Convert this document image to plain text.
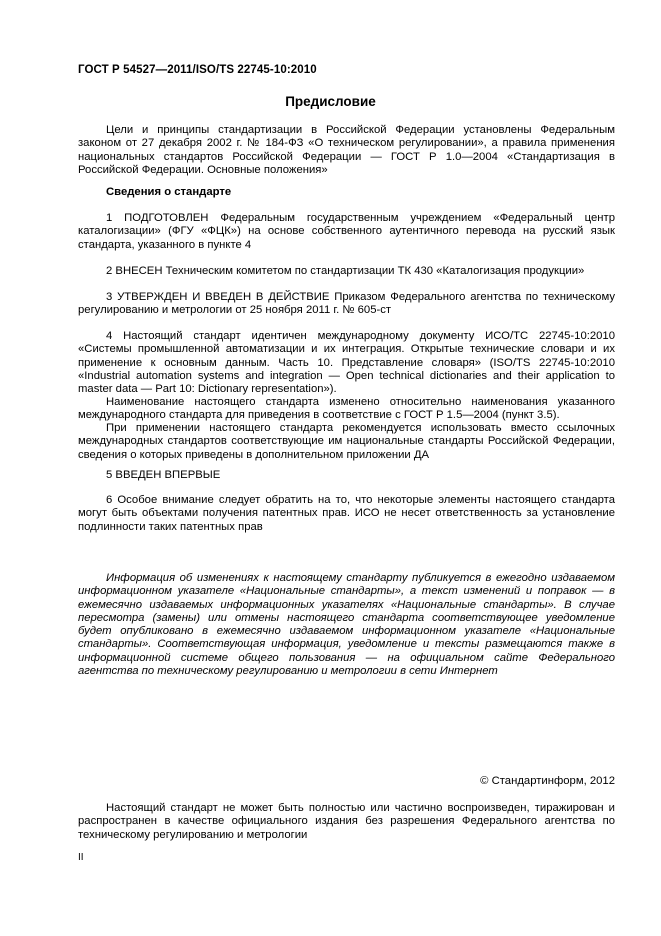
ГОСТ Р 54527—2011/ISO/TS 22745-10:2010
Предисловие
Цели и принципы стандартизации в Российской Федерации установлены Федеральным законом от 27 декабря 2002 г. № 184-ФЗ «О техническом регулировании», а правила применения национальных стандартов Российской Федерации — ГОСТ Р 1.0—2004 «Стандартизация в Российской Федерации. Основные положения»
Сведения о стандарте
1 ПОДГОТОВЛЕН Федеральным государственным учреждением «Федеральный центр каталогизации» (ФГУ «ФЦК») на основе собственного аутентичного перевода на русский язык стандарта, указанного в пункте 4
2 ВНЕСЕН Техническим комитетом по стандартизации ТК 430 «Каталогизация продукции»
3 УТВЕРЖДЕН И ВВЕДЕН В ДЕЙСТВИЕ Приказом Федерального агентства по техническому регулированию и метрологии от 25 ноября 2011 г. № 605-ст
4 Настоящий стандарт идентичен международному документу ИСО/ТС 22745-10:2010 «Системы промышленной автоматизации и их интеграция. Открытые технические словари и их применение к основным данным. Часть 10. Представление словаря» (ISO/TS 22745-10:2010 «Industrial automation systems and integration — Open technical dictionaries and their application to master data — Part 10: Dictionary representation»).
Наименование настоящего стандарта изменено относительно наименования указанного международного стандарта для приведения в соответствие с ГОСТ Р 1.5—2004 (пункт 3.5).
При применении настоящего стандарта рекомендуется использовать вместо ссылочных международных стандартов соответствующие им национальные стандарты Российской Федерации, сведения о которых приведены в дополнительном приложении ДА
5 ВВЕДЕН ВПЕРВЫЕ
6 Особое внимание следует обратить на то, что некоторые элементы настоящего стандарта могут быть объектами получения патентных прав. ИСО не несет ответственность за установление подлинности таких патентных прав
Информация об изменениях к настоящему стандарту публикуется в ежегодно издаваемом информационном указателе «Национальные стандарты», а текст изменений и поправок — в ежемесячно издаваемых информационных указателях «Национальные стандарты». В случае пересмотра (замены) или отмены настоящего стандарта соответствующее уведомление будет опубликовано в ежемесячно издаваемом информационном указателе «Национальные стандарты». Соответствующая информация, уведомление и тексты размещаются также в информационной системе общего пользования — на официальном сайте Федерального агентства по техническому регулированию и метрологии в сети Интернет
© Стандартинформ, 2012
Настоящий стандарт не может быть полностью или частично воспроизведен, тиражирован и распространен в качестве официального издания без разрешения Федерального агентства по техническому регулированию и метрологии
II
